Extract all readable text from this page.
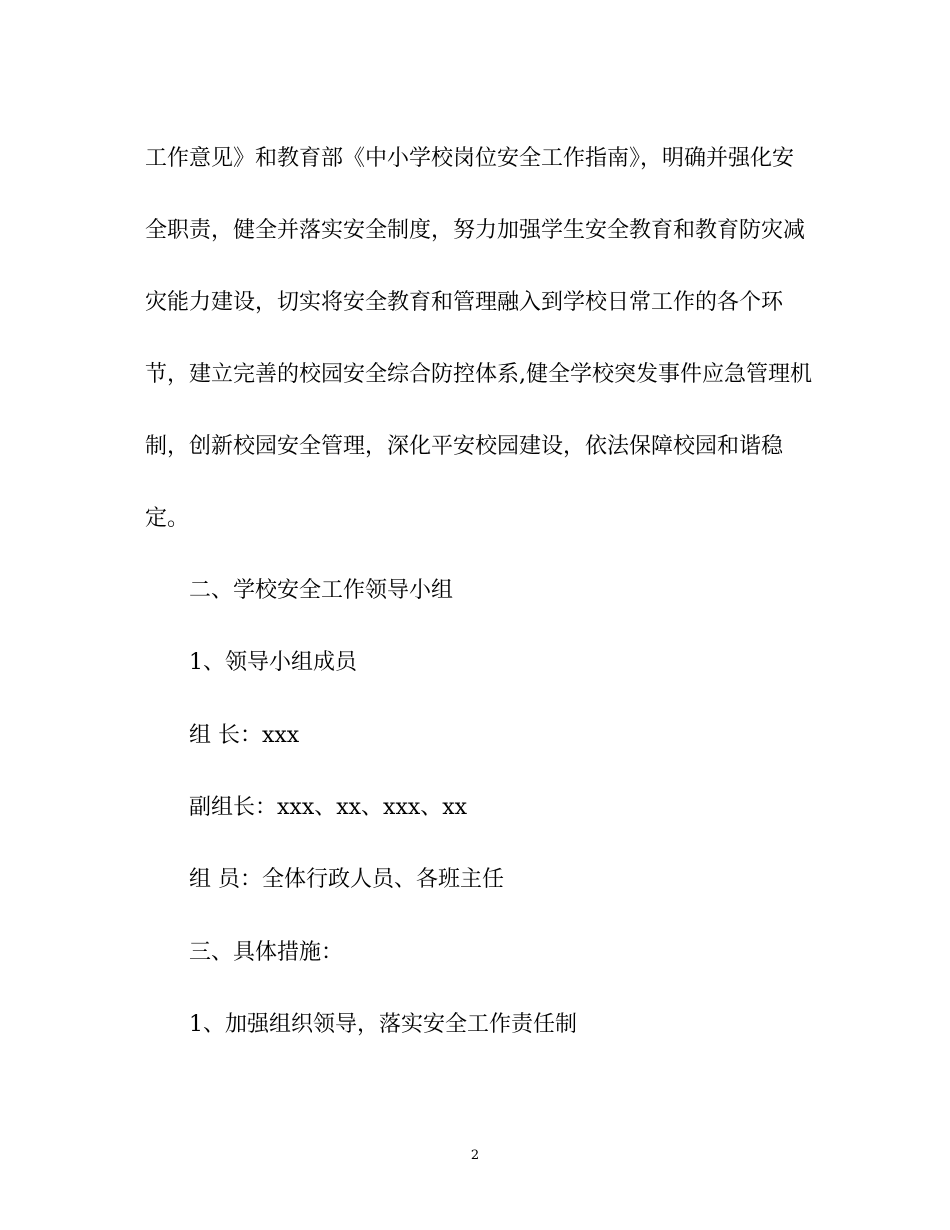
工作意见》和教育部《中小学校岗位安全工作指南》，明确并强化安
全职责，健全并落实安全制度，努力加强学生安全教育和教育防灾减
灾能力建设，切实将安全教育和管理融入到学校日常工作的各个环
节，建立完善的校园安全综合防控体系,健全学校突发事件应急管理机
制，创新校园安全管理，深化平安校园建设，依法保障校园和谐稳
定。
二、学校安全工作领导小组
1、领导小组成员
组 长：xxx
副组长：xxx、xx、xxx、xx
组 员：全体行政人员、各班主任
三、具体措施：
1、加强组织领导，落实安全工作责任制
2
